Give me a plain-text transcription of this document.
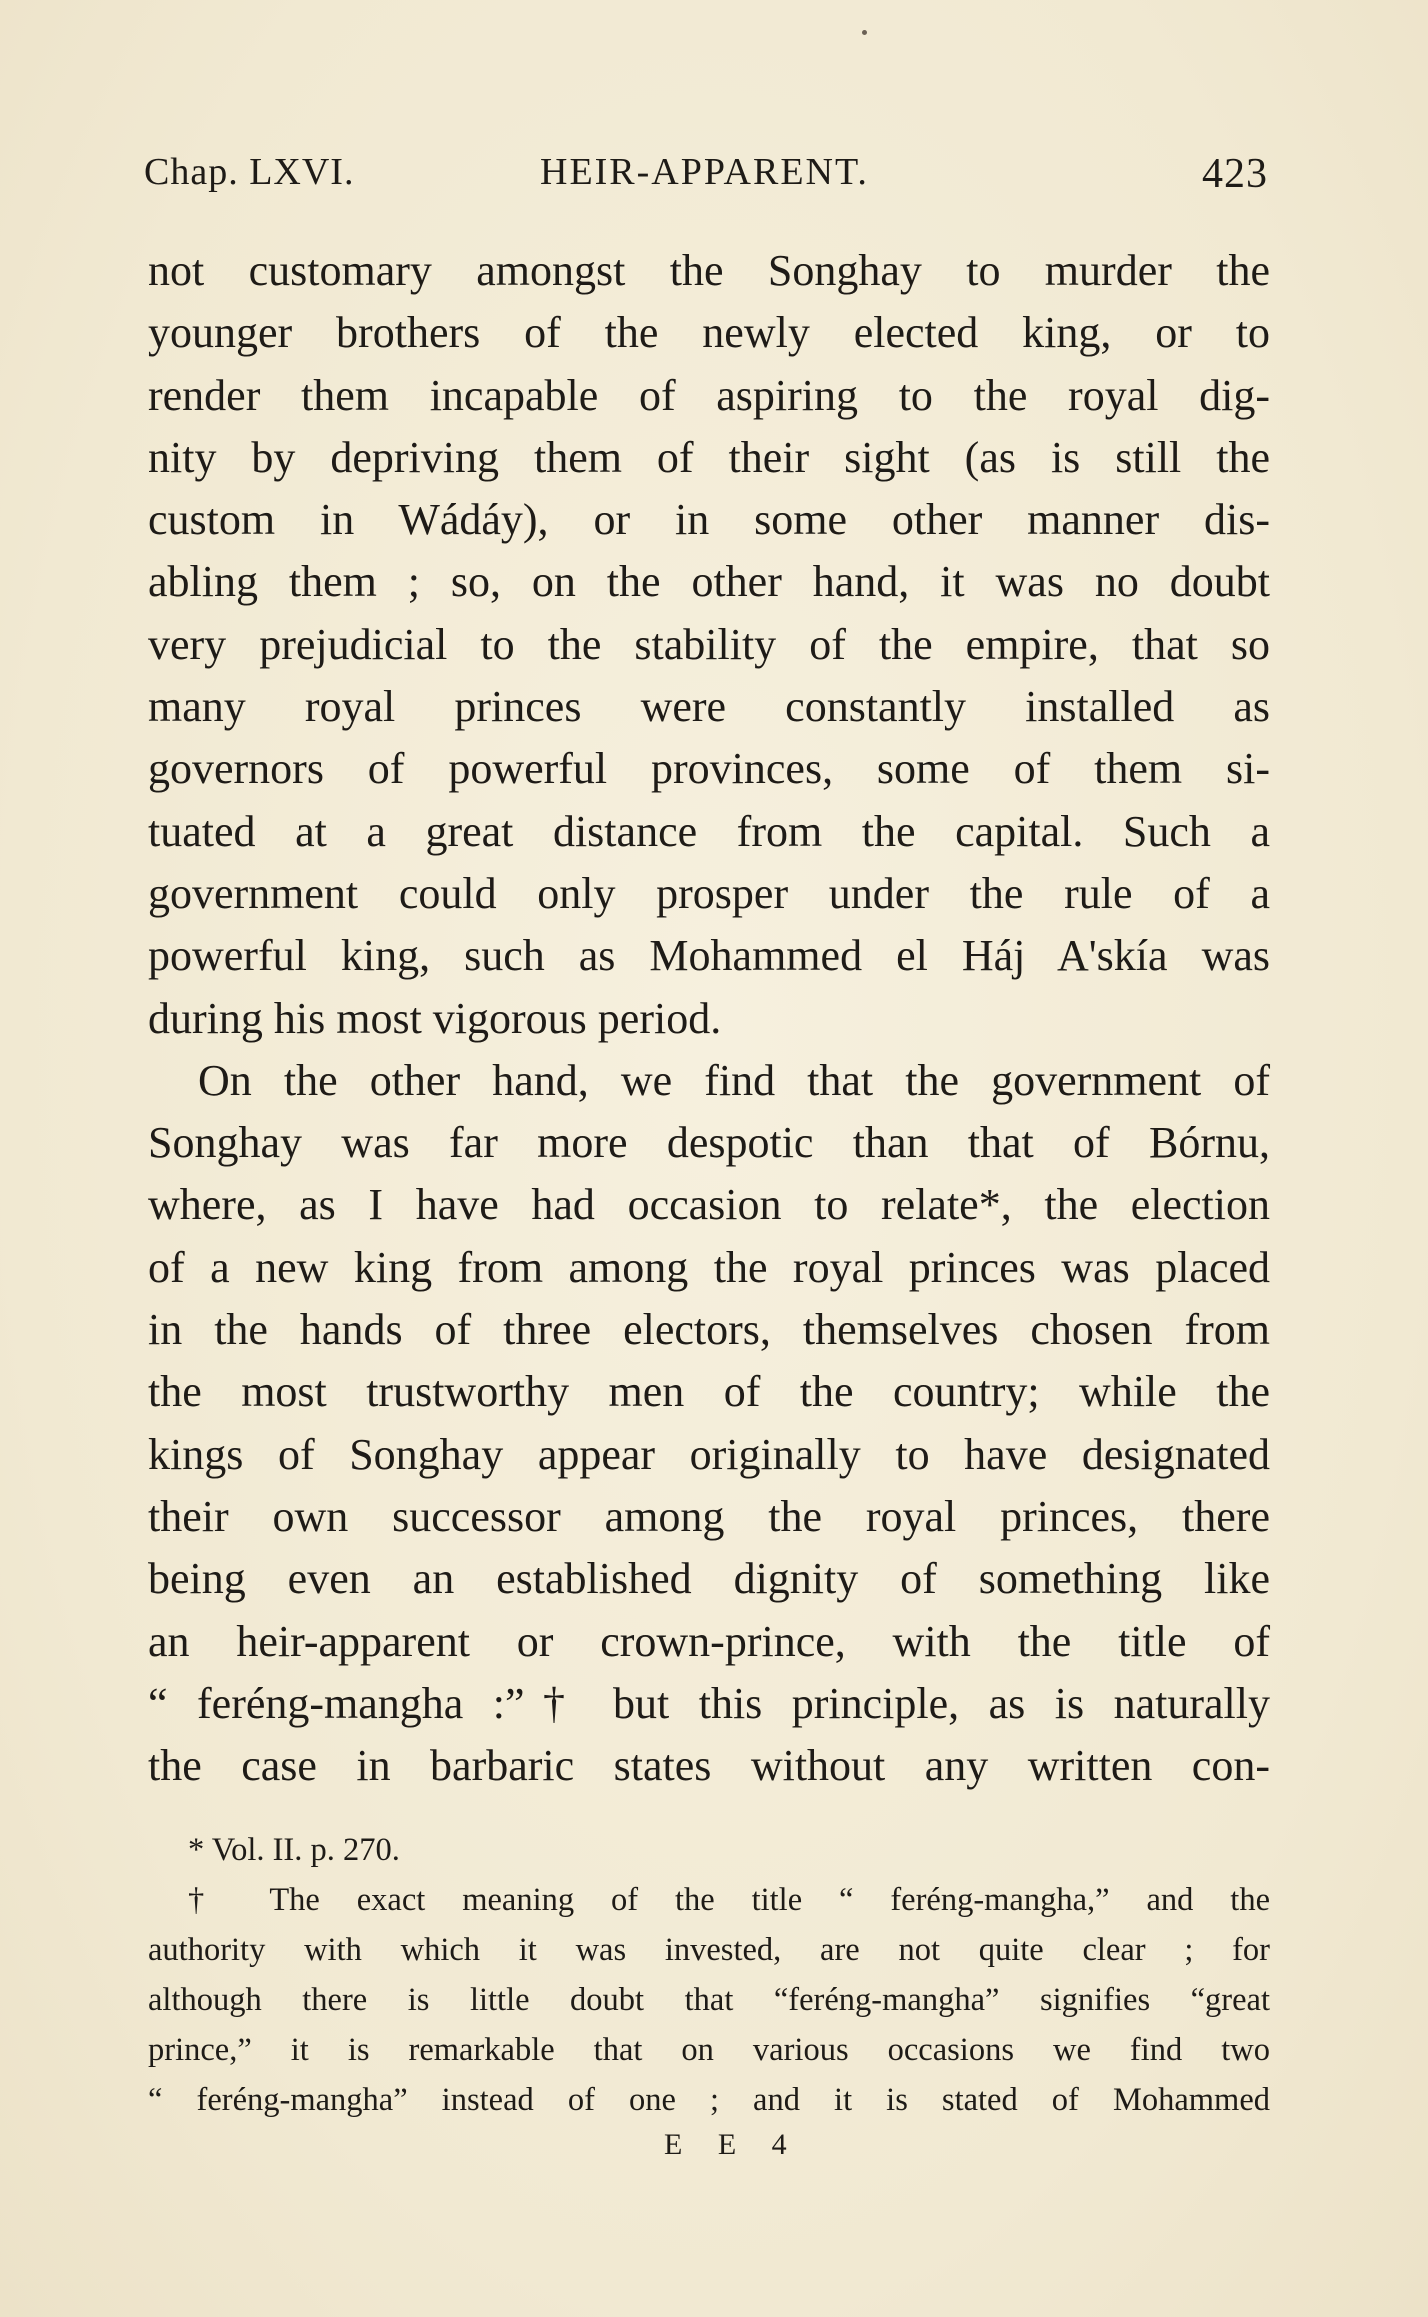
Chap. LXVI.	HEIR-APPARENT.	423
not customary amongst the Songhay to murder the
younger brothers of the newly elected king, or to
render them incapable of aspiring to the royal dig-
nity by depriving them of their sight (as is still the
custom in Wádáy), or in some other manner dis-
abling them ; so, on the other hand, it was no doubt
very prejudicial to the stability of the empire, that so
many royal princes were constantly installed as
governors of powerful provinces, some of them si-
tuated at a great distance from the capital. Such a
government could only prosper under the rule of a
powerful king, such as Mohammed el Háj A'skía was
during his most vigorous period.
On the other hand, we find that the government of
Songhay was far more despotic than that of Bórnu,
where, as I have had occasion to relate*, the election
of a new king from among the royal princes was placed
in the hands of three electors, themselves chosen from
the most trustworthy men of the country; while the
kings of Songhay appear originally to have designated
their own successor among the royal princes, there
being even an established dignity of something like
an heir-apparent or crown-prince, with the title of
“ feréng-mangha :”† but this principle, as is naturally
the case in barbaric states without any written con-
* Vol. II. p. 270.
† The exact meaning of the title “ feréng-mangha,” and the
authority with which it was invested, are not quite clear ; for
although there is little doubt that “feréng-mangha” signifies “great
prince,” it is remarkable that on various occasions we find two
“ feréng-mangha” instead of one ; and it is stated of Mohammed
E E 4
